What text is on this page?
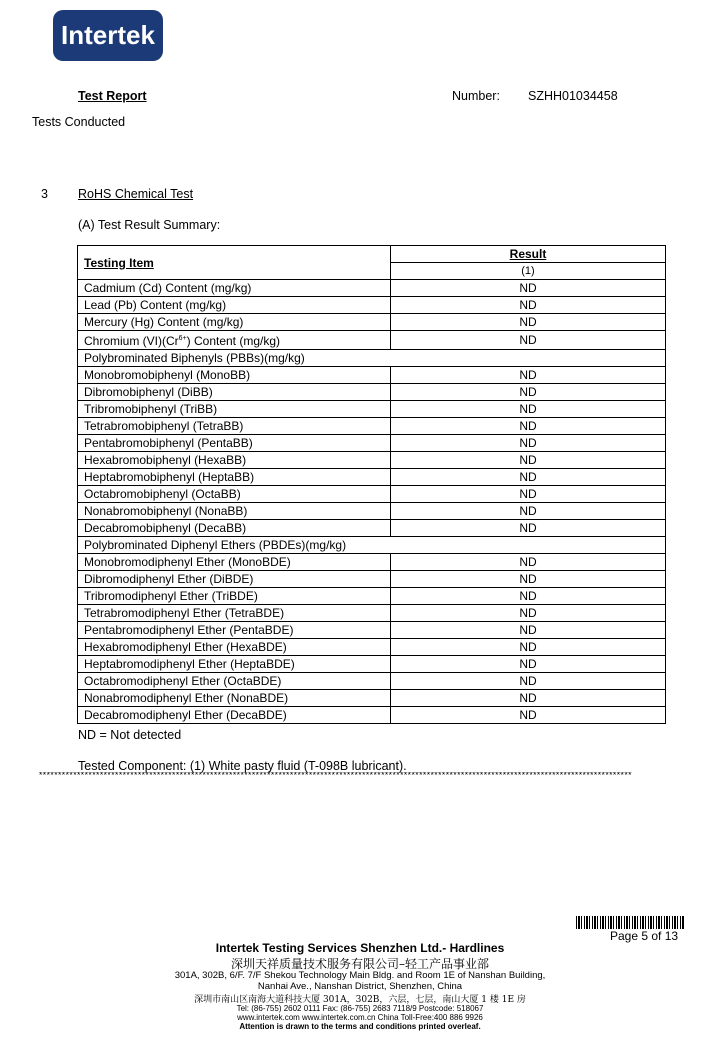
Intertek
Test Report	Number: SZHH01034458
Tests Conducted
3 RoHS Chemical Test
(A) Test Result Summary:
Testing Item	Result
	(1)
Cadmium (Cd) Content (mg/kg)	ND
Lead (Pb) Content (mg/kg)	ND
Mercury (Hg) Content (mg/kg)	ND
Chromium $(VI)(Cr^{6+})$ Content (mg/kg)	ND
Polybrominated Biphenyls (PBBs)(mg/kg)	
Monobromobiphenyl (MonoBB)	ND
Dibromobiphenyl (DiBB)	ND
Tribromobiphenyl (TriBB)	ND
Tetrabromobiphenyl (TetraBB)	ND
Pentabromobiphenyl (PentaBB)	ND
Hexabromobiphenyl (HexaBB)	ND
Heptabromobiphenyl (HeptaBB)	ND
Octabromobiphenyl (OctaBB)	ND
Nonabromobiphenyl (NonaBB)	ND
Decabromobiphenyl (DecaBB)	ND
Polybrominated Diphenyl Ethers (PBDEs)(mg/kg)	
Monobromodiphenyl Ether (MonoBDE)	ND
Dibromodiphenyl Ether (DiBDE)	ND
Tribromodiphenyl Ether (TriBDE)	ND
Tetrabromodiphenyl Ether (TetraBDE)	ND
Pentabromodiphenyl Ether (PentaBDE)	ND
Hexabromodiphenyl Ether (HexaBDE)	ND
Heptabromodiphenyl Ether (HeptaBDE)	ND
Octabromodiphenyl Ether (OctaBDE)	ND
Nonabromodiphenyl Ether (NonaBDE)	ND
Decabromodiphenyl Ether (DecaBDE)	ND
ND = Not detected
Tested Component: (1) White pasty fluid (T-098B lubricant).
************************************************************************************************************************************************************
Page 5 of 13
Intertek Testing Services Shenzhen Ltd.- Hardlines
深圳天祥质量技术服务有限公司–轻工产品事业部
301A, 302B, 6/F. 7/F Shekou Technology Main Bldg. and Room 1E of Nanshan Building,
Nanhai Ave., Nanshan District, Shenzhen, China
深圳市南山区南海大道科技大厦 301A，302B，六层，七层，南山大厦 1 楼 1E 房
Tel: (86-755) 2602 0111 Fax: (86-755) 2683 7118/9 Postcode: 518067
www.intertek.com www.intertek.com.cn China Toll-Free:400 886 9926
Attention is drawn to the terms and conditions printed overleaf.
